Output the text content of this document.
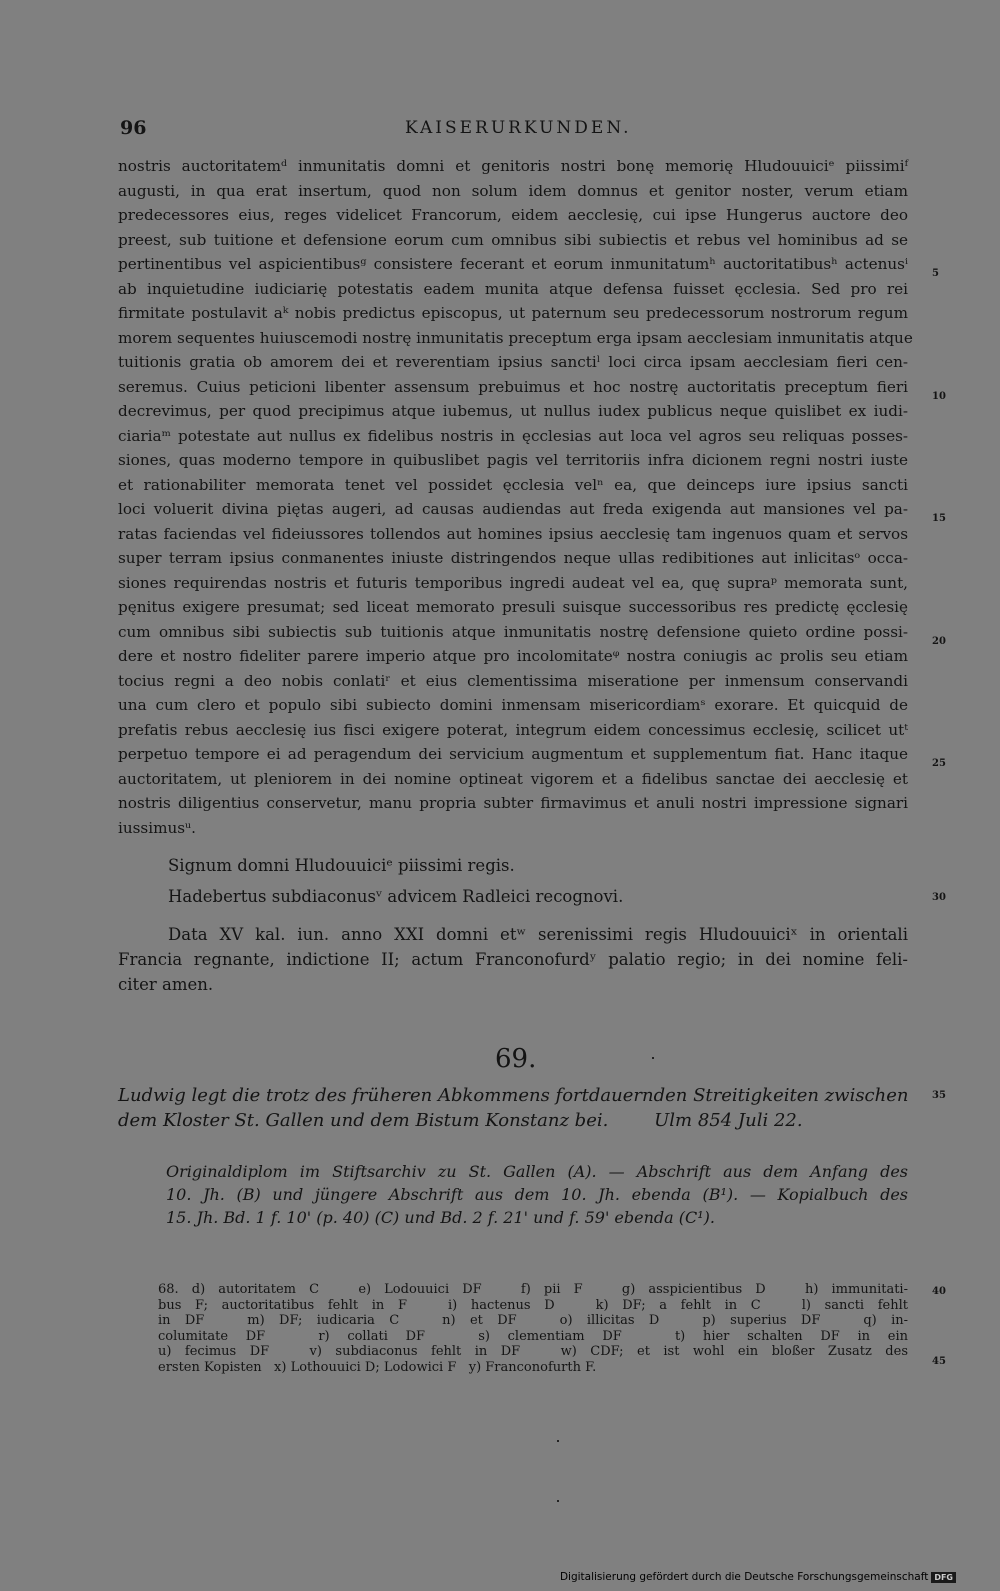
96	KAISERURKUNDEN.
nostris auctoritatemᵈ inmunitatis domni et genitoris nostri bonę memorię Hludouuiciᵉ piissimiᶠ
augusti, in qua erat insertum, quod non solum idem domnus et genitor noster, verum etiam
predecessores eius, reges videlicet Francorum, eidem aecclesię, cui ipse Hungerus auctore deo
preest, sub tuitione et defensione eorum cum omnibus sibi subiectis et rebus vel hominibus ad se
pertinentibus vel aspicientibusᵍ consistere fecerant et eorum inmunitatumʰ auctoritatibusʰ actenusⁱ
ab inquietudine iudiciarię potestatis eadem munita atque defensa fuisset ęcclesia. Sed pro rei
firmitate postulavit aᵏ nobis predictus episcopus, ut paternum seu predecessorum nostrorum regum
morem sequentes huiuscemodi nostrę inmunitatis preceptum erga ipsam aecclesiam inmunitatis atque
tuitionis gratia ob amorem dei et reverentiam ipsius sanctiˡ loci circa ipsam aecclesiam fieri cen-
seremus. Cuius peticioni libenter assensum prebuimus et hoc nostrę auctoritatis preceptum fieri
decrevimus, per quod precipimus atque iubemus, ut nullus iudex publicus neque quislibet ex iudi-
ciariaᵐ potestate aut nullus ex fidelibus nostris in ęcclesias aut loca vel agros seu reliquas posses-
siones, quas moderno tempore in quibuslibet pagis vel territoriis infra dicionem regni nostri iuste
et rationabiliter memorata tenet vel possidet ęcclesia velⁿ ea, que deinceps iure ipsius sancti
loci voluerit divina piętas augeri, ad causas audiendas aut freda exigenda aut mansiones vel pa-
ratas faciendas vel fideiussores tollendos aut homines ipsius aecclesię tam ingenuos quam et servos
super terram ipsius conmanentes iniuste distringendos neque ullas redibitiones aut inlicitasᵒ occa-
siones requirendas nostris et futuris temporibus ingredi audeat vel ea, quę supraᵖ memorata sunt,
pęnitus exigere presumat; sed liceat memorato presuli suisque successoribus res predictę ęcclesię
cum omnibus sibi subiectis sub tuitionis atque inmunitatis nostrę defensione quieto ordine possi-
dere et nostro fideliter parere imperio atque pro incolomitateᵠ nostra coniugis ac prolis seu etiam
tocius regni a deo nobis conlatiʳ et eius clementissima miseratione per inmensum conservandi
una cum clero et populo sibi subiecto domini inmensam misericordiamˢ exorare. Et quicquid de
prefatis rebus aecclesię ius fisci exigere poterat, integrum eidem concessimus ecclesię, scilicet utᵗ
perpetuo tempore ei ad peragendum dei servicium augmentum et supplementum fiat. Hanc itaque
auctoritatem, ut pleniorem in dei nomine optineat vigorem et a fidelibus sanctae dei aecclesię et
nostris diligentius conservetur, manu propria subter firmavimus et anuli nostri impressione signari
iussimusᵘ.
5
10
15
20
25
30
35
40
45
Signum domni Hludouuiciᵉ piissimi regis.
Hadebertus subdiaconusᵛ advicem Radleici recognovi.
Data XV kal. iun. anno XXI domni etʷ serenissimi regis Hludouuiciˣ in orientali
Francia regnante, indictione II; actum Franconofurdʸ palatio regio; in dei nomine feli-
citer amen.
69.
Ludwig legt die trotz des früheren Abkommens fortdauernden Streitigkeiten zwischen
dem Kloster St. Gallen und dem Bistum Konstanz bei.        Ulm 854 Juli 22.
Originaldiplom im Stiftsarchiv zu St. Gallen (A). — Abschrift aus dem Anfang des
10. Jh. (B) und jüngere Abschrift aus dem 10. Jh. ebenda (B¹). — Kopialbuch des
15. Jh. Bd. 1 f. 10' (p. 40) (C) und Bd. 2 f. 21' und f. 59' ebenda (C¹).
68. d) autoritatem C   e) Lodouuici DF   f) pii F   g) asspicientibus D   h) immunitati-
bus F; auctoritatibus fehlt in F   i) hactenus D   k) DF; a fehlt in C   l) sancti fehlt
in DF   m) DF; iudicaria C   n) et DF   o) illicitas D   p) superius DF   q) in-
columitate DF   r) collati DF   s) clementiam DF   t) hier schalten DF in ein
u) fecimus DF   v) subdiaconus fehlt in DF   w) CDF; et ist wohl ein bloßer Zusatz des
ersten Kopisten   x) Lothouuici D; Lodowici F   y) Franconofurth F.
Digitalisierung gefördert durch die Deutsche Forschungsgemeinschaft DFG
